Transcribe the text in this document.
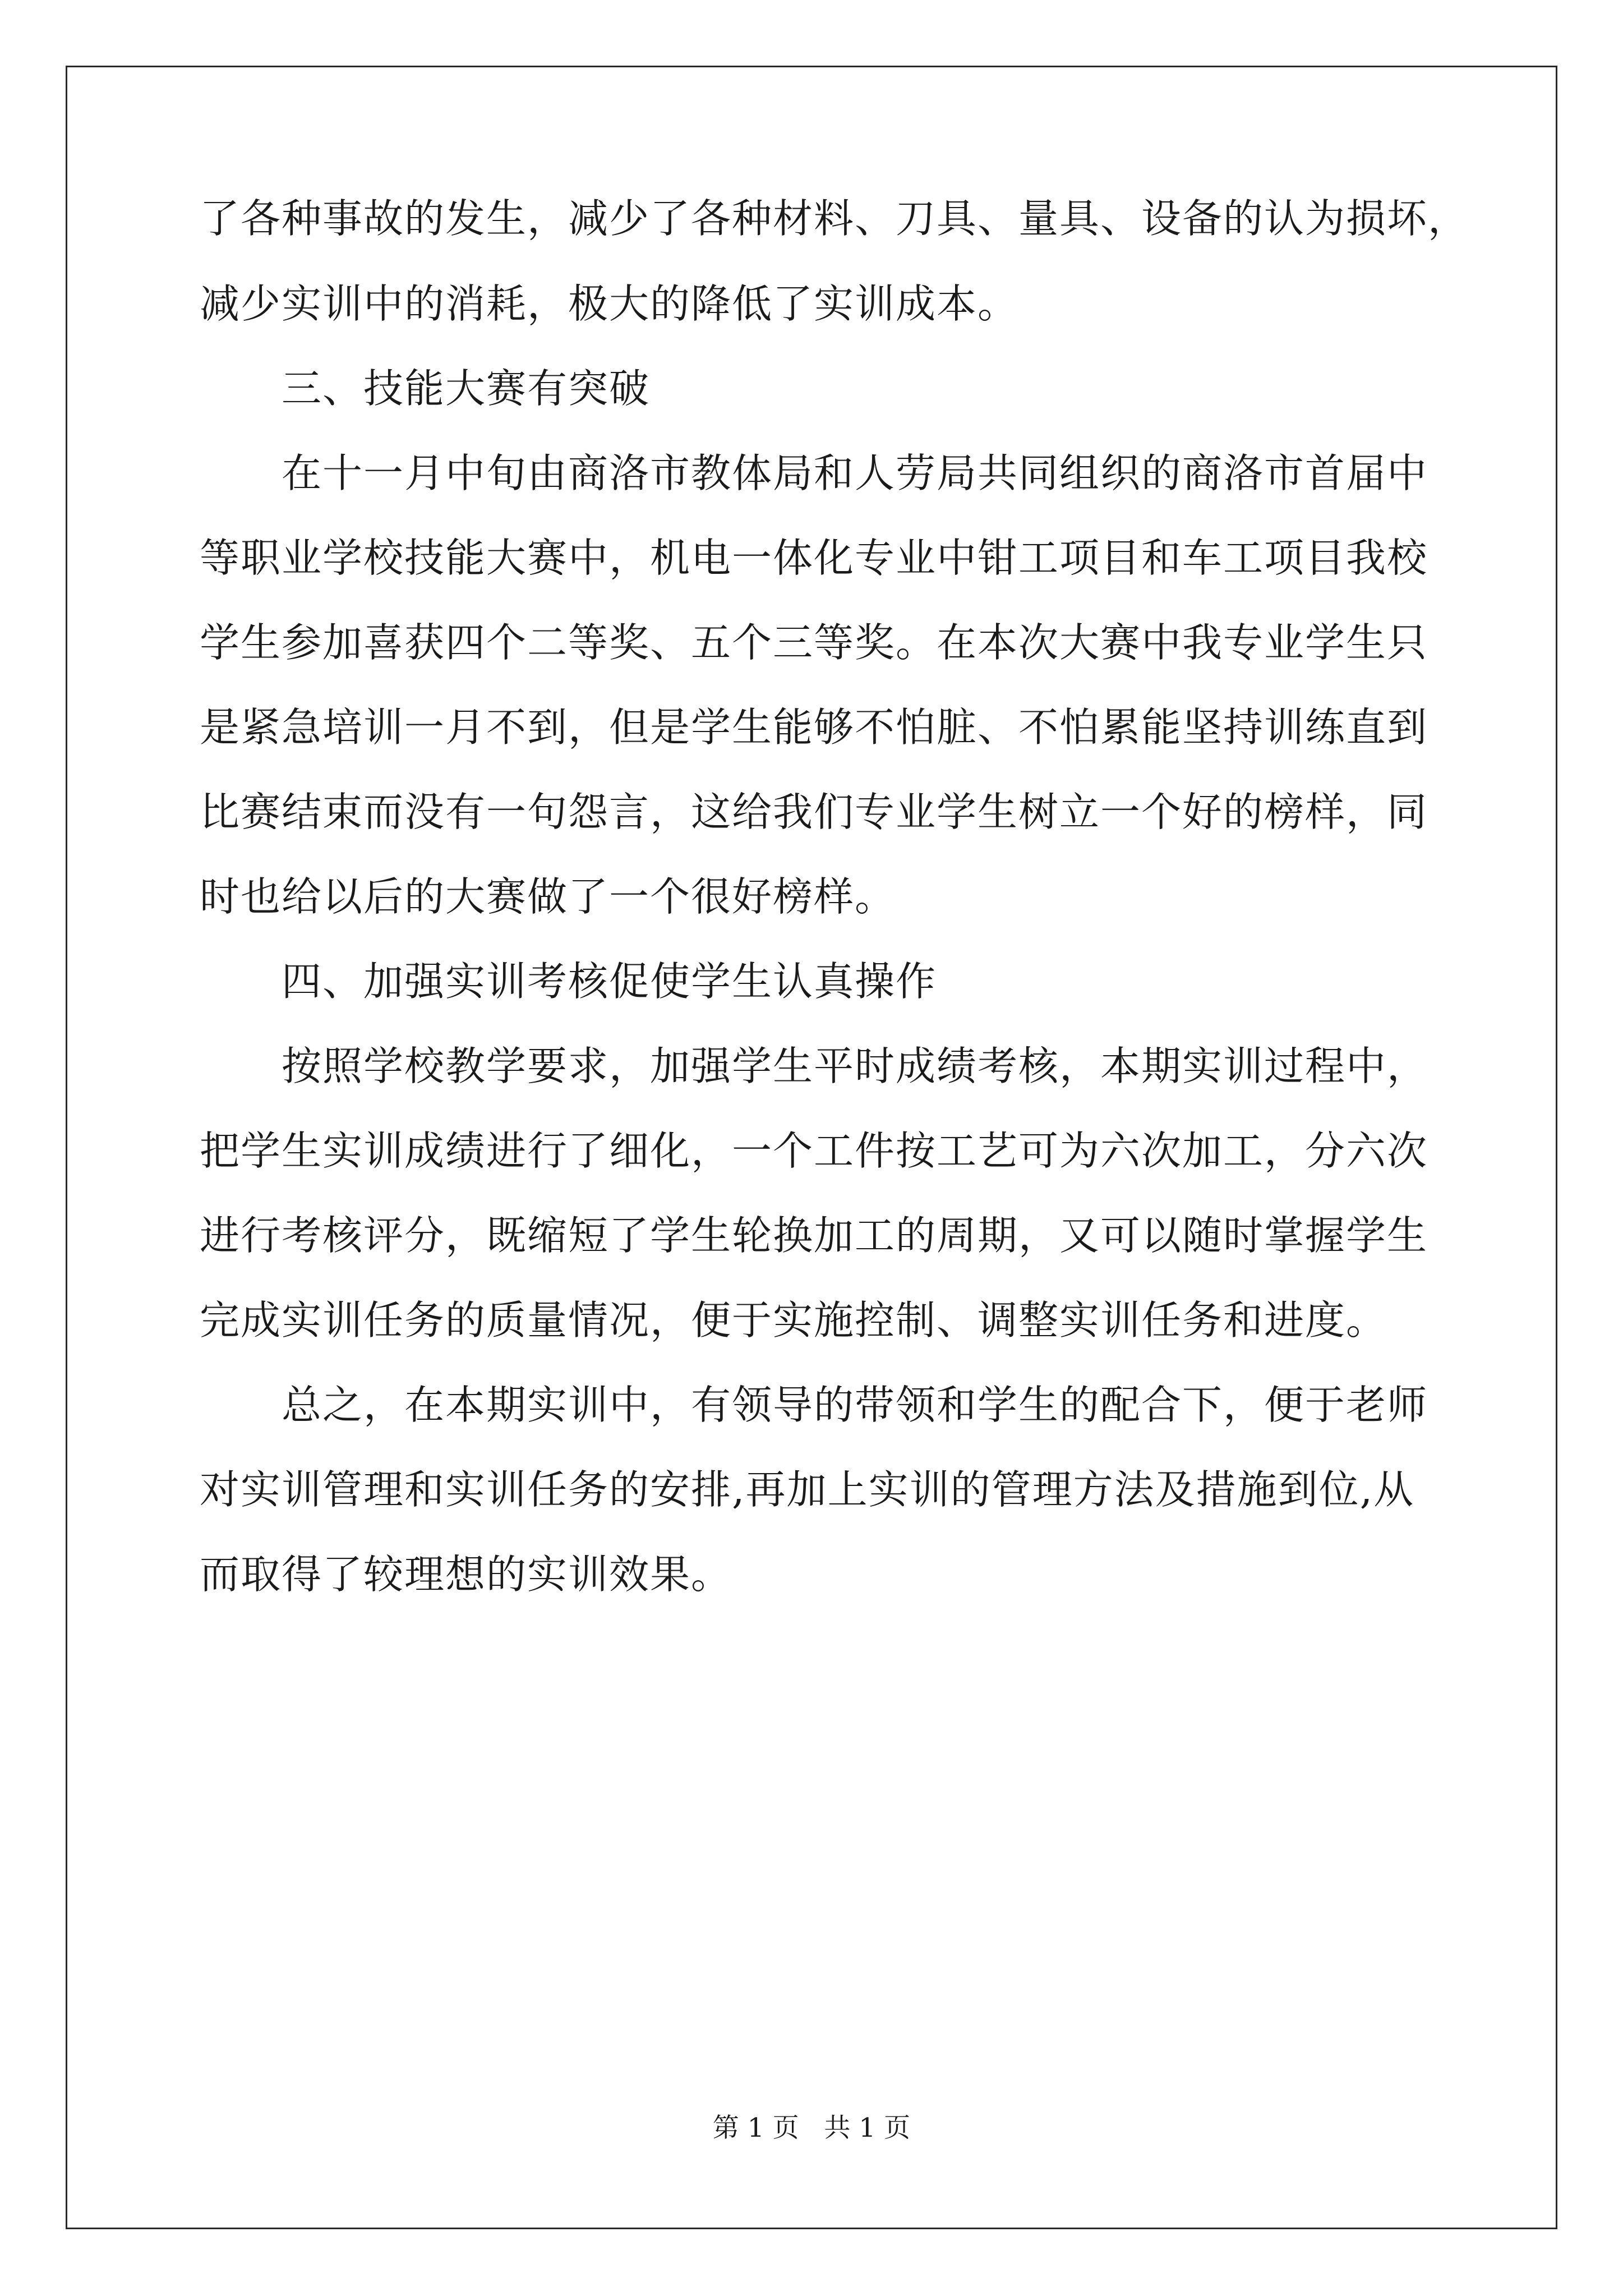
了各种事故的发生，减少了各种材料、刀具、量具、设备的认为损坏，
减少实训中的消耗，极大的降低了实训成本。
三、技能大赛有突破
在十一月中旬由商洛市教体局和人劳局共同组织的商洛市首届中
等职业学校技能大赛中，机电一体化专业中钳工项目和车工项目我校
学生参加喜获四个二等奖、五个三等奖。在本次大赛中我专业学生只
是紧急培训一月不到，但是学生能够不怕脏、不怕累能坚持训练直到
比赛结束而没有一句怨言，这给我们专业学生树立一个好的榜样，同
时也给以后的大赛做了一个很好榜样。
四、加强实训考核促使学生认真操作
按照学校教学要求，加强学生平时成绩考核，本期实训过程中，
把学生实训成绩进行了细化，一个工件按工艺可为六次加工，分六次
进行考核评分，既缩短了学生轮换加工的周期，又可以随时掌握学生
完成实训任务的质量情况，便于实施控制、调整实训任务和进度。
总之，在本期实训中，有领导的带领和学生的配合下，便于老师
对实训管理和实训任务的安排,再加上实训的管理方法及措施到位,从
而取得了较理想的实训效果。
第 1 页   共 1 页
